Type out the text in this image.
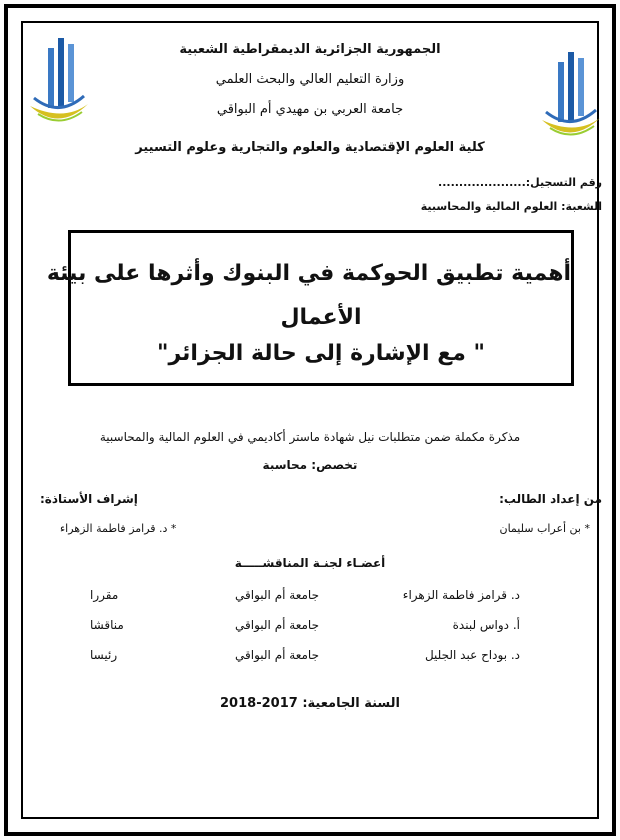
الجمهورية الجزائرية الديمقراطية الشعبية
وزارة التعليم العالي والبحث العلمي
جامعة العربي بن مهيدي أم البواقي
كلية العلوم الإقتصادية والعلوم والتجارية وعلوم التسيير
رقم التسجيل:.....................
الشعبة: العلوم المالية والمحاسبية
أهمية تطبيق الحوكمة في البنوك وأثرها على بيئة
الأعمال
" مع الإشارة إلى حالة الجزائر"
مذكرة مكملة ضمن متطلبات نيل شهادة ماستر أكاديمي في العلوم المالية والمحاسبية
تخصص: محاسبة
من إعداد الطالب:
* بن أعراب سليمان
إشراف الأستاذة:
* د. قرامز فاطمة الزهراء
أعضـاء لجنـة المناقشـــــة
د. قرامز فاطمة الزهراء
جامعة أم البواقي
مقررا
أ. دواس لبندة
جامعة أم البواقي
مناقشا
د. بوداح عبد الجليل
جامعة أم البواقي
رئيسا
السنة الجامعية: 2017-2018
